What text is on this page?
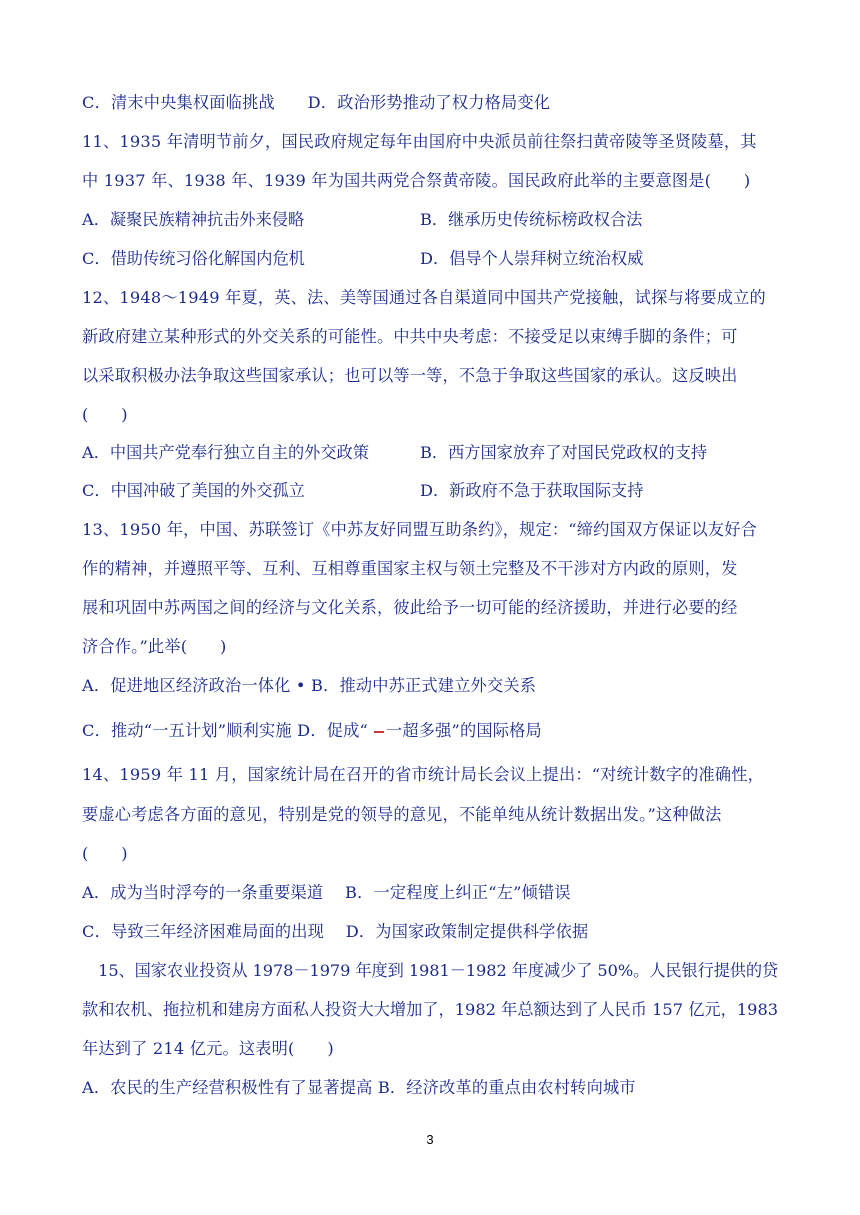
C．清末中央集权面临挑战　　D．政治形势推动了权力格局变化
11、1935 年清明节前夕，国民政府规定每年由国府中央派员前往祭扫黄帝陵等圣贤陵墓，其
中 1937 年、1938 年、1939 年为国共两党合祭黄帝陵。国民政府此举的主要意图是(　　)
A．凝聚民族精神抗击外来侵略	B．继承历史传统标榜政权合法
C．借助传统习俗化解国内危机	D．倡导个人崇拜树立统治权威
12、1948～1949 年夏，英、法、美等国通过各自渠道同中国共产党接触，试探与将要成立的
新政府建立某种形式的外交关系的可能性。中共中央考虑：不接受足以束缚手脚的条件；可
以采取积极办法争取这些国家承认；也可以等一等，不急于争取这些国家的承认。这反映出
(　　)
A．中国共产党奉行独立自主的外交政策	B．西方国家放弃了对国民党政权的支持
C．中国冲破了美国的外交孤立	D．新政府不急于获取国际支持
13、1950 年，中国、苏联签订《中苏友好同盟互助条约》，规定：“缔约国双方保证以友好合
作的精神，并遵照平等、互利、互相尊重国家主权与领土完整及不干涉对方内政的原则，发
展和巩固中苏两国之间的经济与文化关系，彼此给予一切可能的经济援助，并进行必要的经
济合作。”此举(　　)
A．促进地区经济政治一体化 • B．推动中苏正式建立外交关系
C．推动“一五计划”顺利实施 D．促成“ 一超多强”的国际格局
14、1959 年 11 月，国家统计局在召开的省市统计局长会议上提出：“对统计数字的准确性，
要虚心考虑各方面的意见，特别是党的领导的意见，不能单纯从统计数据出发。”这种做法
(　　)
A．成为当时浮夸的一条重要渠道　 B．一定程度上纠正“左”倾错误
C．导致三年经济困难局面的出现　 D．为国家政策制定提供科学依据
　15、国家农业投资从 1978－1979 年度到 1981－1982 年度减少了 50%。人民银行提供的贷
款和农机、拖拉机和建房方面私人投资大大增加了，1982 年总额达到了人民币 157 亿元，1983
年达到了 214 亿元。这表明(　　)
A．农民的生产经营积极性有了显著提高 B．经济改革的重点由农村转向城市
3
